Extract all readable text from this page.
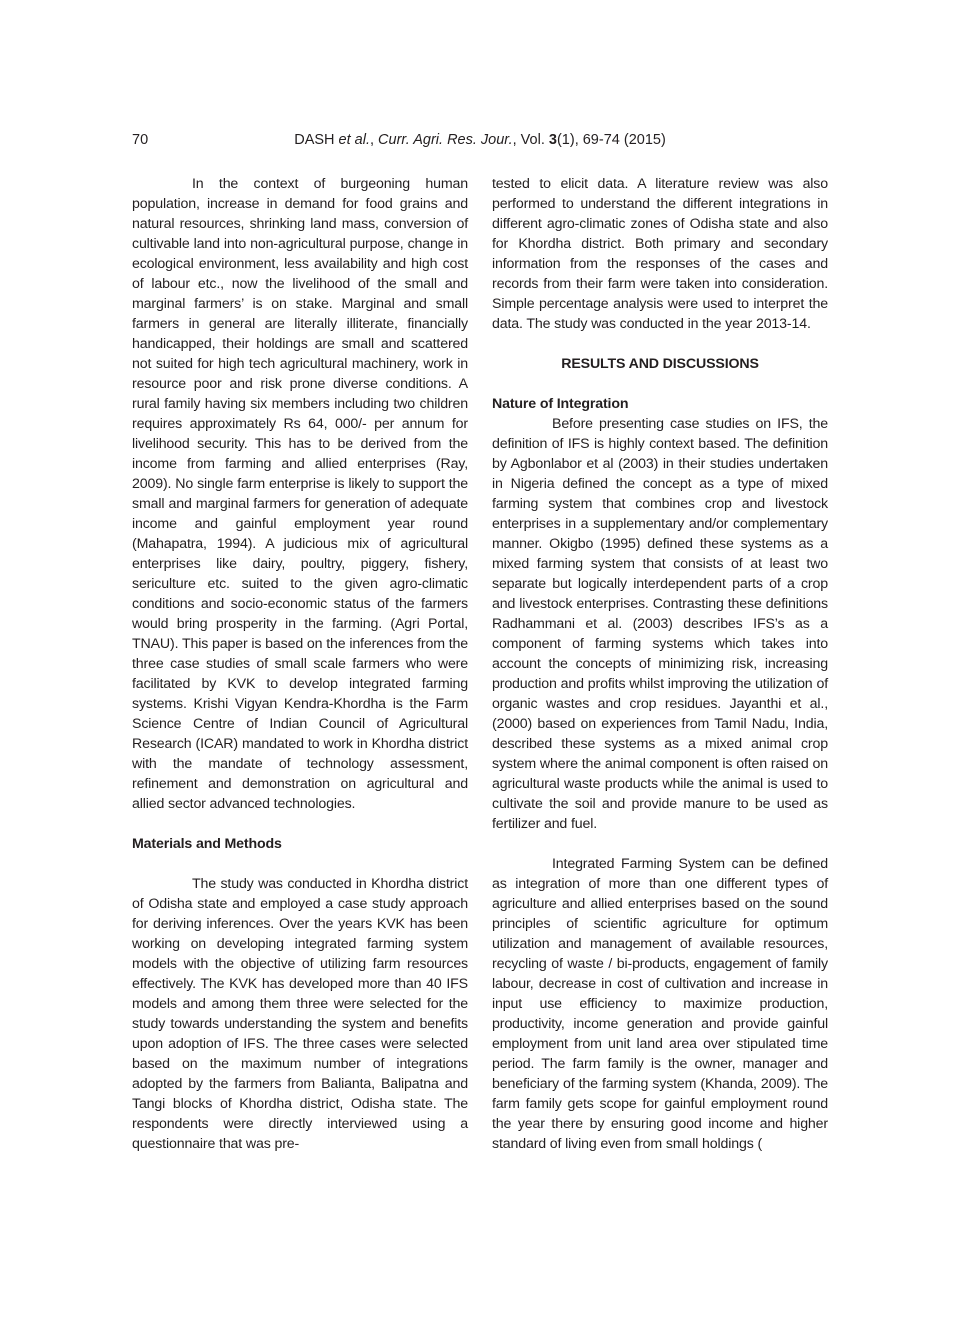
70	DASH et al., Curr. Agri. Res. Jour., Vol. 3(1), 69-74 (2015)

In the context of burgeoning human population, increase in demand for food grains and natural resources, shrinking land mass, conversion of cultivable land into non-agricultural purpose, change in ecological environment, less availability and high cost of labour etc., now the livelihood of the small and marginal farmers’ is on stake. Marginal and small farmers in general are literally illiterate, financially handicapped, their holdings are small and scattered not suited for high tech agricultural machinery, work in resource poor and risk prone diverse conditions. A rural family having six members including two children requires approximately Rs 64, 000/- per annum for livelihood security. This has to be derived from the income from farming and allied enterprises (Ray, 2009). No single farm enterprise is likely to support the small and marginal farmers for generation of adequate income and gainful employment year round (Mahapatra, 1994). A judicious mix of agricultural enterprises like dairy, poultry, piggery, fishery, sericulture etc. suited to the given agro-climatic conditions and socio-economic status of the farmers would bring prosperity in the farming. (Agri Portal, TNAU). This paper is based on the inferences from the three case studies of small scale farmers who were facilitated by KVK to develop integrated farming systems. Krishi Vigyan Kendra-Khordha is the Farm Science Centre of Indian Council of Agricultural Research (ICAR) mandated to work in Khordha district with the mandate of technology assessment, refinement and demonstration on agricultural and allied sector advanced technologies.

Materials and Methods

The study was conducted in Khordha district of Odisha state and employed a case study approach for deriving inferences. Over the years KVK has been working on developing integrated farming system models with the objective of utilizing farm resources effectively. The KVK has developed more than 40 IFS models and among them three were selected for the study towards understanding the system and benefits upon adoption of IFS. The three cases were selected based on the maximum number of integrations adopted by the farmers from Balianta, Balipatna and Tangi blocks of Khordha district, Odisha state. The respondents were directly interviewed using a questionnaire that was pre-

tested to elicit data. A literature review was also performed to understand the different integrations in different agro-climatic zones of Odisha state and also for Khordha district. Both primary and secondary information from the responses of the cases and records from their farm were taken into consideration. Simple percentage analysis were used to interpret the data. The study was conducted in the year 2013-14.

RESULTS AND DISCUSSIONS
Nature of Integration

Before presenting case studies on IFS, the definition of IFS is highly context based. The definition by Agbonlabor et al (2003) in their studies undertaken in Nigeria defined the concept as a type of mixed farming system that combines crop and livestock enterprises in a supplementary and/or complementary manner. Okigbo (1995) defined these systems as a mixed farming system that consists of at least two separate but logically interdependent parts of a crop and livestock enterprises. Contrasting these definitions Radhammani et al. (2003) describes IFS’s as a component of farming systems which takes into account the concepts of minimizing risk, increasing production and profits whilst improving the utilization of organic wastes and crop residues. Jayanthi et al., (2000) based on experiences from Tamil Nadu, India, described these systems as a mixed animal crop system where the animal component is often raised on agricultural waste products while the animal is used to cultivate the soil and provide manure to be used as fertilizer and fuel.

Integrated Farming System can be defined as integration of more than one different types of agriculture and allied enterprises based on the sound principles of scientific agriculture for optimum utilization and management of available resources, recycling of waste / bi-products, engagement of family labour, decrease in cost of cultivation and increase in input use efficiency to maximize production, productivity, income generation and provide gainful employment from unit land area over stipulated time period. The farm family is the owner, manager and beneficiary of the farming system (Khanda, 2009). The farm family gets scope for gainful employment round the year there by ensuring good income and higher standard of living even from small holdings (
